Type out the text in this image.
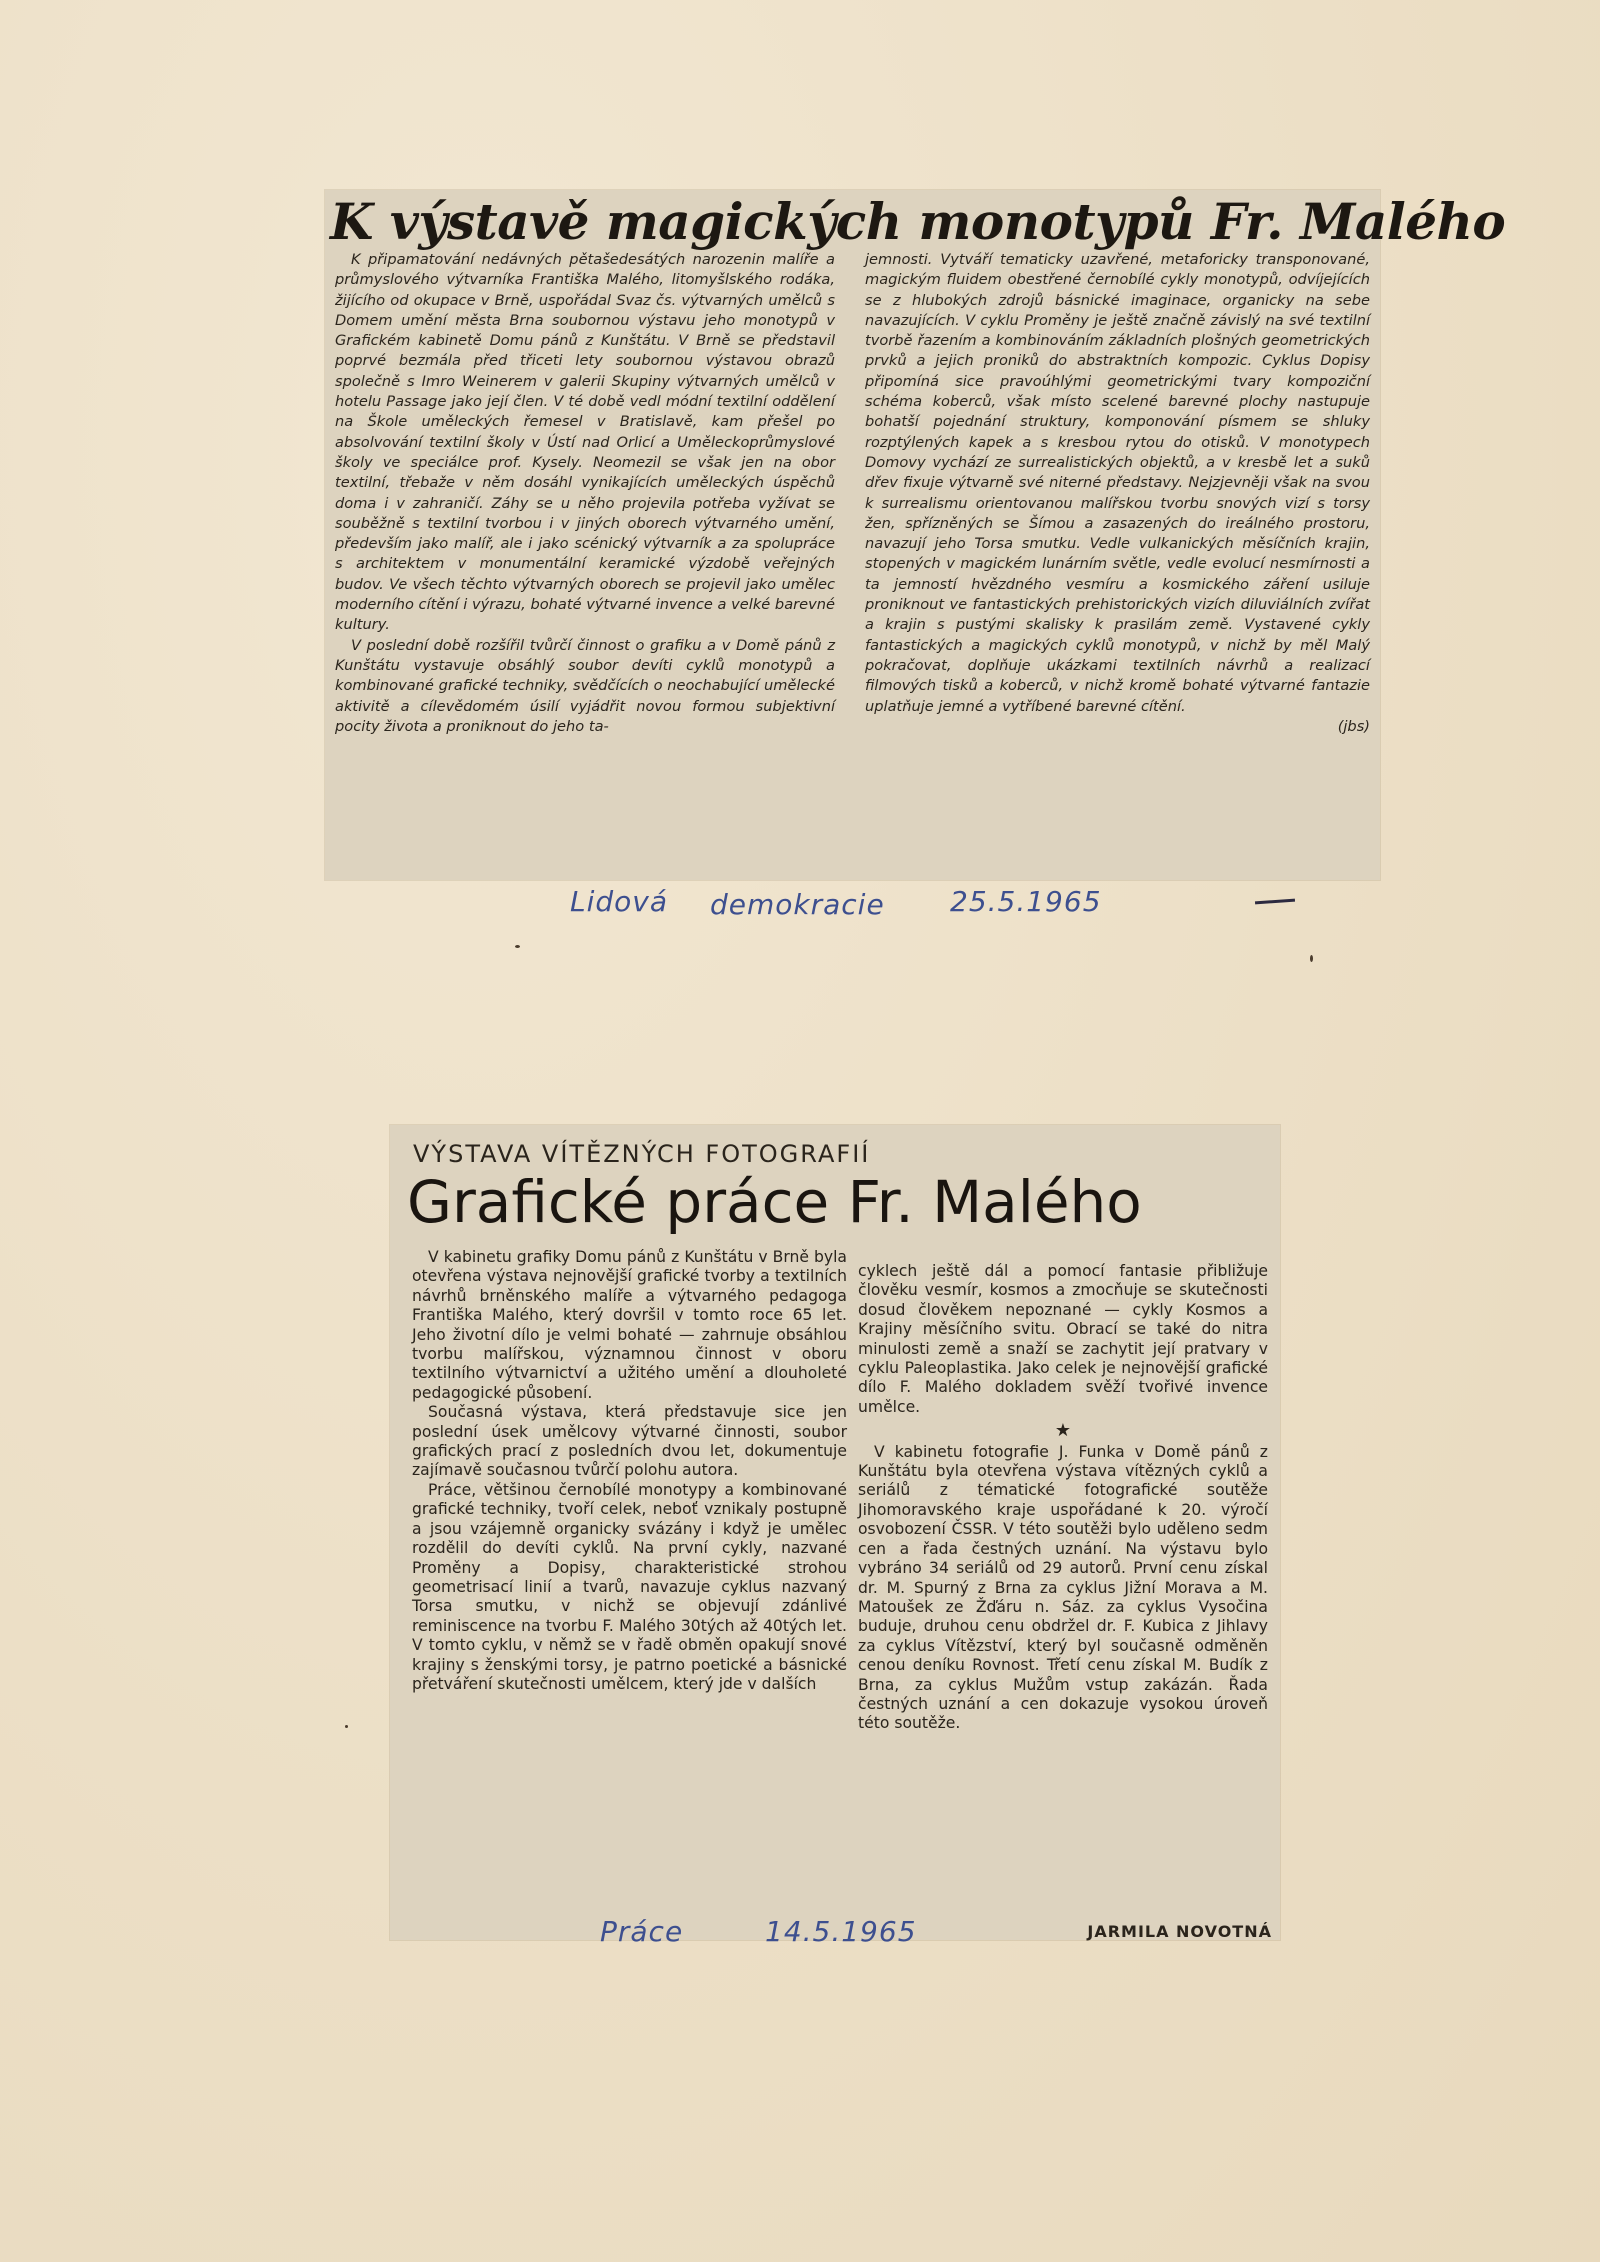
K výstavě magických monotypů Fr. Malého

K připamatování nedávných pětašedesátých narozenin malíře a průmyslového výtvarníka Františka Malého, litomyšlského rodáka, žijícího od okupace v Brně, uspořádal Svaz čs. výtvarných umělců s Domem umění města Brna soubornou výstavu jeho monotypů v Grafickém kabinetě Domu pánů z Kunštátu. V Brně se představil poprvé bezmála před třiceti lety soubornou výstavou obrazů společně s Imro Weinerem v galerii Skupiny výtvarných umělců v hotelu Passage jako její člen. V té době vedl módní textilní oddělení na Škole uměleckých řemesel v Bratislavě, kam přešel po absolvování textilní školy v Ústí nad Orlicí a Uměleckoprůmyslové školy ve speciálce prof. Kysely. Neomezil se však jen na obor textilní, třebaže v něm dosáhl vynikajících uměleckých úspěchů doma i v zahraničí. Záhy se u něho projevila potřeba vyžívat se souběžně s textilní tvorbou i v jiných oborech výtvarného umění, především jako malíř, ale i jako scénický výtvarník a za spolupráce s architektem v monumentální keramické výzdobě veřejných budov. Ve všech těchto výtvarných oborech se projevil jako umělec moderního cítění i výrazu, bohaté výtvarné invence a velké barevné kultury.

V poslední době rozšířil tvůrčí činnost o grafiku a v Domě pánů z Kunštátu vystavuje obsáhlý soubor devíti cyklů monotypů a kombinované grafické techniky, svědčících o neochabující umělecké aktivitě a cílevědomém úsilí vyjádřit novou formou subjektivní pocity života a proniknout do jeho ta-

jemnosti. Vytváří tematicky uzavřené, metaforicky transponované, magickým fluidem obestřené černobílé cykly monotypů, odvíjejících se z hlubokých zdrojů básnické imaginace, organicky na sebe navazujících. V cyklu Proměny je ještě značně závislý na své textilní tvorbě řazením a kombinováním základních plošných geometrických prvků a jejich proniků do abstraktních kompozic. Cyklus Dopisy připomíná sice pravoúhlými geometrickými tvary kompoziční schéma koberců, však místo scelené barevné plochy nastupuje bohatší pojednání struktury, komponování písmem se shluky rozptýlených kapek a s kresbou rytou do otisků. V monotypech Domovy vychází ze surrealistických objektů, a v kresbě let a suků dřev fixuje výtvarně své niterné představy. Nejzjevněji však na svou k surrealismu orientovanou malířskou tvorbu snových vizí s torsy žen, spřízněných se Šímou a zasazených do ireálného prostoru, navazují jeho Torsa smutku. Vedle vulkanických měsíčních krajin, stopených v magickém lunárním světle, vedle evolucí nesmírnosti a ta jemností hvězdného vesmíru a kosmického záření usiluje proniknout ve fantastických prehistorických vizích diluviálních zvířat a krajin s pustými skalisky k prasilám země. Vystavené cykly fantastických a magických cyklů monotypů, v nichž by měl Malý pokračovat, doplňuje ukázkami textilních návrhů a realizací filmových tisků a koberců, v nichž kromě bohaté výtvarné fantazie uplatňuje jemné a vytříbené barevné cítění.

(jbs)
Lidová demokracie 25.5.1965
VÝSTAVA VÍTĚZNÝCH FOTOGRAFIÍ
Grafické práce Fr. Malého

V kabinetu grafiky Domu pánů z Kunštátu v Brně byla otevřena výstava nejnovější grafické tvorby a textilních návrhů brněnského malíře a výtvarného pedagoga Františka Malého, který dovršil v tomto roce 65 let. Jeho životní dílo je velmi bohaté — zahrnuje obsáhlou tvorbu malířskou, významnou činnost v oboru textilního výtvarnictví a užitého umění a dlouholeté pedagogické působení.

Současná výstava, která představuje sice jen poslední úsek umělcovy výtvarné činnosti, soubor grafických prací z posledních dvou let, dokumentuje zajímavě současnou tvůrčí polohu autora.

Práce, většinou černobílé monotypy a kombinované grafické techniky, tvoří celek, neboť vznikaly postupně a jsou vzájemně organicky svázány i když je umělec rozdělil do devíti cyklů. Na první cykly, nazvané Proměny a Dopisy, charakteristické strohou geometrisací linií a tvarů, navazuje cyklus nazvaný Torsa smutku, v nichž se objevují zdánlivé reminiscence na tvorbu F. Malého 30tých až 40tých let. V tomto cyklu, v němž se v řadě obměn opakují snové krajiny s ženskými torsy, je patrno poetické a básnické přetváření skutečnosti umělcem, který jde v dalších

cyklech ještě dál a pomocí fantasie přibližuje člověku vesmír, kosmos a zmocňuje se skutečnosti dosud člověkem nepoznané — cykly Kosmos a Krajiny měsíčního svitu. Obrací se také do nitra minulosti země a snaží se zachytit její pratvary v cyklu Paleoplastika. Jako celek je nejnovější grafické dílo F. Malého dokladem svěží tvořivé invence umělce.

★

V kabinetu fotografie J. Funka v Domě pánů z Kunštátu byla otevřena výstava vítězných cyklů a seriálů z tématické fotografické soutěže Jihomoravského kraje uspořádané k 20. výročí osvobození ČSSR. V této soutěži bylo uděleno sedm cen a řada čestných uznání. Na výstavu bylo vybráno 34 seriálů od 29 autorů. První cenu získal dr. M. Spurný z Brna za cyklus Jižní Morava a M. Matoušek ze Žďáru n. Sáz. za cyklus Vysočina buduje, druhou cenu obdržel dr. F. Kubica z Jihlavy za cyklus Vítězství, který byl současně odměněn cenou deníku Rovnost. Třetí cenu získal M. Budík z Brna, za cyklus Mužům vstup zakázán. Řada čestných uznání a cen dokazuje vysokou úroveň této soutěže.

JARMILA NOVOTNÁ
Práce	14.5.1965
